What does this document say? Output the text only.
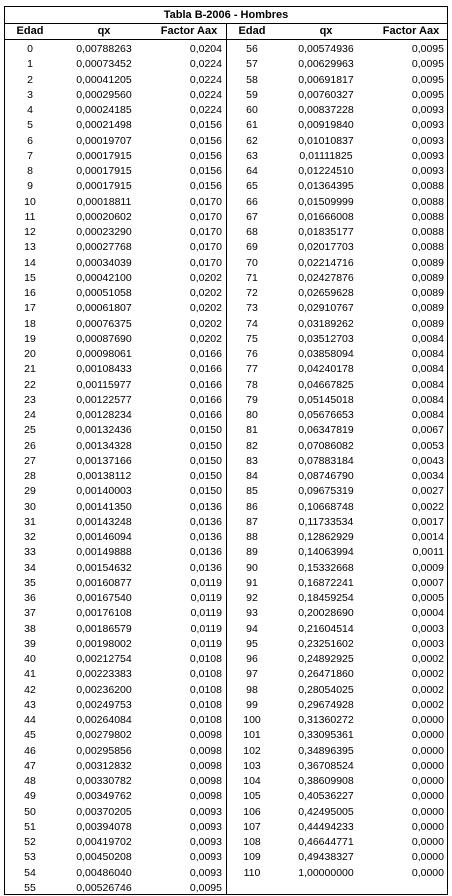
Tabla B-2006 - Hombres
Edad	qx	Factor Aax
0	0,00788263	0,0204
1	0,00073452	0,0224
2	0,00041205	0,0224
3	0,00029560	0,0224
4	0,00024185	0,0224
5	0,00021498	0,0156
6	0,00019707	0,0156
7	0,00017915	0,0156
8	0,00017915	0,0156
9	0,00017915	0,0156
10	0,00018811	0,0170
11	0,00020602	0,0170
12	0,00023290	0,0170
13	0,00027768	0,0170
14	0,00034039	0,0170
15	0,00042100	0,0202
16	0,00051058	0,0202
17	0,00061807	0,0202
18	0,00076375	0,0202
19	0,00087690	0,0202
20	0,00098061	0,0166
21	0,00108433	0,0166
22	0,00115977	0,0166
23	0,00122577	0,0166
24	0,00128234	0,0166
25	0,00132436	0,0150
26	0,00134328	0,0150
27	0,00137166	0,0150
28	0,00138112	0,0150
29	0,00140003	0,0150
30	0,00141350	0,0136
31	0,00143248	0,0136
32	0,00146094	0,0136
33	0,00149888	0,0136
34	0,00154632	0,0136
35	0,00160877	0,0119
36	0,00167540	0,0119
37	0,00176108	0,0119
38	0,00186579	0,0119
39	0,00198002	0,0119
40	0,00212754	0,0108
41	0,00223383	0,0108
42	0,00236200	0,0108
43	0,00249753	0,0108
44	0,00264084	0,0108
45	0,00279802	0,0098
46	0,00295856	0,0098
47	0,00312832	0,0098
48	0,00330782	0,0098
49	0,00349762	0,0098
50	0,00370205	0,0093
51	0,00394078	0,0093
52	0,00419702	0,0093
53	0,00450208	0,0093
54	0,00486040	0,0093
55	0,00526746	0,0095
Edad	qx	Factor Aax
56	0,00574936	0,0095
57	0,00629963	0,0095
58	0,00691817	0,0095
59	0,00760327	0,0095
60	0,00837228	0,0093
61	0,00919840	0,0093
62	0,01010837	0,0093
63	0,01111825	0,0093
64	0,01224510	0,0093
65	0,01364395	0,0088
66	0,01509999	0,0088
67	0,01666008	0,0088
68	0,01835177	0,0088
69	0,02017703	0,0088
70	0,02214716	0,0089
71	0,02427876	0,0089
72	0,02659628	0,0089
73	0,02910767	0,0089
74	0,03189262	0,0089
75	0,03512703	0,0084
76	0,03858094	0,0084
77	0,04240178	0,0084
78	0,04667825	0,0084
79	0,05145018	0,0084
80	0,05676653	0,0084
81	0,06347819	0,0067
82	0,07086082	0,0053
83	0,07883184	0,0043
84	0,08746790	0,0034
85	0,09675319	0,0027
86	0,10668748	0,0022
87	0,11733534	0,0017
88	0,12862929	0,0014
89	0,14063994	0,0011
90	0,15332668	0,0009
91	0,16872241	0,0007
92	0,18459254	0,0005
93	0,20028690	0,0004
94	0,21604514	0,0003
95	0,23251602	0,0003
96	0,24892925	0,0002
97	0,26471860	0,0002
98	0,28054025	0,0002
99	0,29674928	0,0002
100	0,31360272	0,0000
101	0,33095361	0,0000
102	0,34896395	0,0000
103	0,36708524	0,0000
104	0,38609908	0,0000
105	0,40536227	0,0000
106	0,42495005	0,0000
107	0,44494233	0,0000
108	0,46644771	0,0000
109	0,49438327	0,0000
110	1,00000000	0,0000
